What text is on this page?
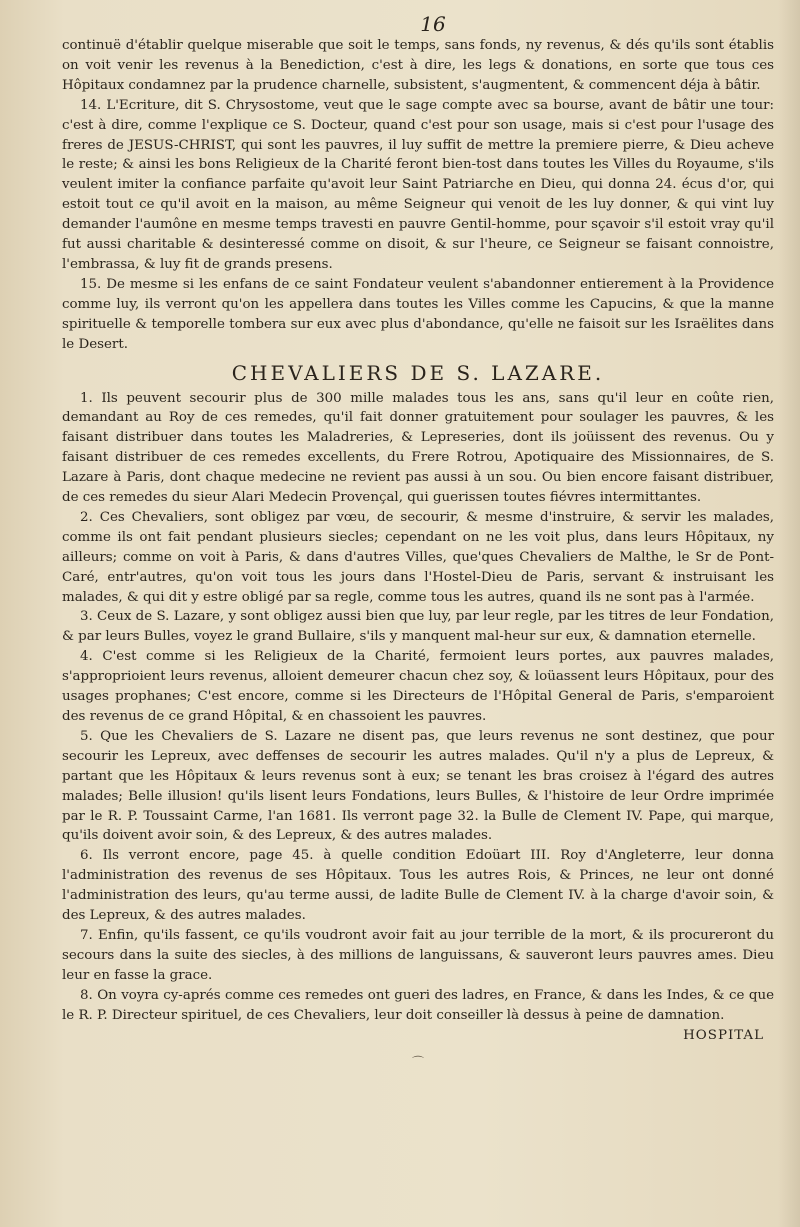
16

continuë d'établir quelque miserable que soit le temps, sans fonds, ny revenus, & dés qu'ils sont établis on voit venir les revenus à la Benediction, c'est à dire, les legs & donations, en sorte que tous ces Hôpitaux condamnez par la prudence charnelle, subsistent, s'augmentent, & commencent déja à bâtir.

14. L'Ecriture, dit S. Chrysostome, veut que le sage compte avec sa bourse, avant de bâtir une tour: c'est à dire, comme l'explique ce S. Docteur, quand c'est pour son usage, mais si c'est pour l'usage des freres de JESUS-CHRIST, qui sont les pauvres, il luy suffit de mettre la premiere pierre, & Dieu achevе le reste; & ainsi les bons Religieux de la Charité feront bien-tost dans toutes les Villes du Royaume, s'ils veulent imiter la confiance parfaite qu'avoit leur Saint Patriarche en Dieu, qui donna 24. écus d'or, qui estoit tout ce qu'il avoit en la maison, au même Seigneur qui venoit de les luy donner, & qui vint luy demander l'aumône en mesme temps travesti en pauvre Gentil-homme, pour sçavoir s'il estoit vray qu'il fut aussi charitable & desinteressé comme on disoit, & sur l'heure, ce Seigneur se faisant connoistre, l'embrassa, & luy fit de grands presens.

15. De mesme si les enfans de ce saint Fondateur veulent s'abandonner entierement à la Providence comme luy, ils verront qu'on les appellera dans toutes les Villes comme les Capucins, & que la manne spirituelle & temporelle tombera sur eux avec plus d'abondance, qu'elle ne faisoit sur les Israëlites dans le Desert.

CHEVALIERS DE S. LAZARE.

1. Ils peuvent secourir plus de 300 mille malades tous les ans, sans qu'il leur en coûte rien, demandant au Roy de ces remedes, qu'il fait donner gratuitement pour soulager les pauvres, & les faisant distribuer dans toutes les Maladreries, & Lepreseries, dont ils joüissent des revenus. Ou y faisant distribuer de ces remedes excellents, du Frere Rotrou, Apotiquaire des Missionnaires, de S. Lazare à Paris, dont chaque medecine ne revient pas aussi à un sou. Ou bien encore faisant distribuer, de ces remedes du sieur Alari Medecin Provençal, qui guerissen toutes fiévres intermittantes.

2. Ces Chevaliers, sont obligez par vœu, de secourir, & mesme d'instruire, & servir les malades, comme ils ont fait pendant plusieurs siecles; cependant on ne les voit plus, dans leurs Hôpitaux, ny ailleurs; comme on voit à Paris, & dans d'autres Villes, que'ques Chevaliers de Malthe, le Sr de Pont-Caré, entr'autres, qu'on voit tous les jours dans l'Hostel-Dieu de Paris, servant & instruisant les malades, & qui dit y estre obligé par sa regle, comme tous les autres, quand ils ne sont pas à l'armée.

3. Ceux de S. Lazare, y sont obligez aussi bien que luy, par leur regle, par les titres de leur Fondation, & par leurs Bulles, voyez le grand Bullaire, s'ils y manquent mal-heur sur eux, & damnation eternelle.

4. C'est comme si les Religieux de la Charité, fermoient leurs portes, aux pauvres malades, s'approprioient leurs revenus, alloient demeurer chacun chez soy, & loüassent leurs Hôpitaux, pour des usages prophanes; C'est encore, comme si les Directeurs de l'Hôpital General de Paris, s'emparoient des revenus de ce grand Hôpital, & en chassoient les pauvres.

5. Que les Chevaliers de S. Lazare ne disent pas, que leurs revenus ne sont destinez, que pour secourir les Lepreux, avec deffenses de secourir les autres malades. Qu'il n'y a plus de Lepreux, & partant que les Hôpitaux & leurs revenus sont à eux; se tenant les bras croisez à l'égard des autres malades; Belle illusion! qu'ils lisent leurs Fondations, leurs Bulles, & l'histoire de leur Ordre imprimée par le R. P. Toussaint Carme, l'an 1681. Ils verront page 32. la Bulle de Clement IV. Pape, qui marque, qu'ils doivent avoir soin, & des Lepreux, & des autres malades.

6. Ils verront encore, page 45. à quelle condition Edoüart III. Roy d'Angleterre, leur donna l'administration des revenus de ses Hôpitaux. Tous les autres Rois, & Princes, ne leur ont donné l'administration des leurs, qu'au terme aussi, de ladite Bulle de Clement IV. à la charge d'avoir soin, & des Lepreux, & des autres malades.

7. Enfin, qu'ils fassent, ce qu'ils voudront avoir fait au jour terrible de la mort, & ils procureront du secours dans la suite des siecles, à des millions de languissans, & sauveront leurs pauvres ames. Dieu leur en fasse la grace.

8. On voyra cy-aprés comme ces remedes ont gueri des ladres, en France, & dans les Indes, & ce que le R. P. Directeur spirituel, de ces Chevaliers, leur doit conseiller là dessus à peine de damnation.

HOSPITAL
⌒
